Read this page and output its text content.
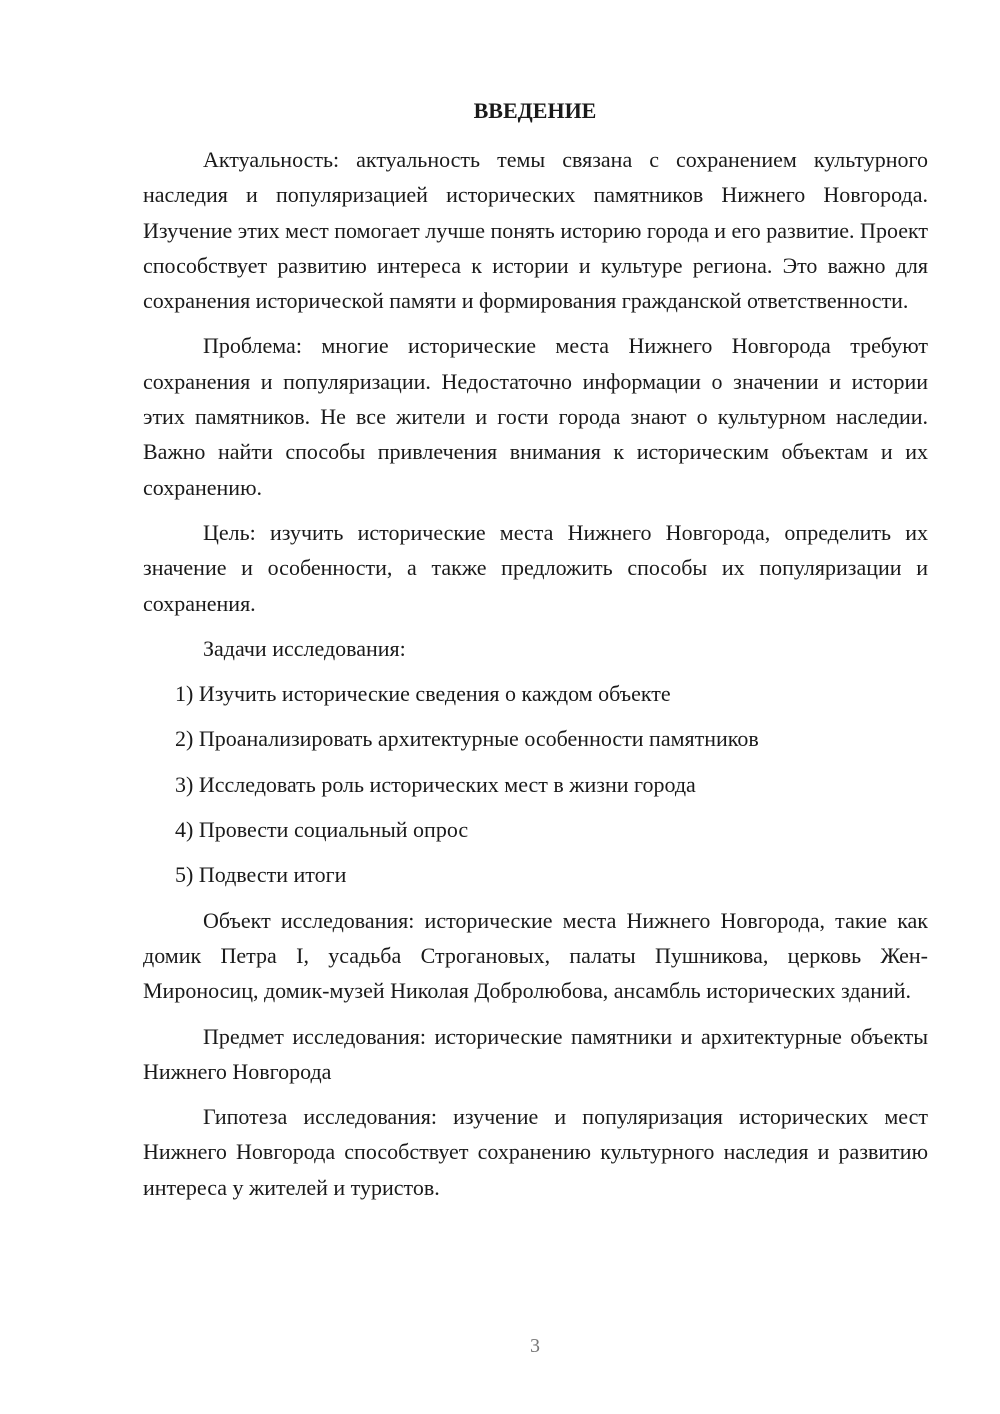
ВВЕДЕНИЕ

Актуальность: актуальность темы связана с сохранением культурного наследия и популяризацией исторических памятников Нижнего Новгорода. Изучение этих мест помогает лучше понять историю города и его развитие. Проект способствует развитию интереса к истории и культуре региона. Это важно для сохранения исторической памяти и формирования гражданской ответственности.

Проблема: многие исторические места Нижнего Новгорода требуют сохранения и популяризации. Недостаточно информации о значении и истории этих памятников. Не все жители и гости города знают о культурном наследии. Важно найти способы привлечения внимания к историческим объектам и их сохранению.

Цель: изучить исторические места Нижнего Новгорода, определить их значение и особенности, а также предложить способы их популяризации и сохранения.

Задачи исследования:

1) Изучить исторические сведения о каждом объекте
2) Проанализировать архитектурные особенности памятников
3) Исследовать роль исторических мест в жизни города
4) Провести социальный опрос
5) Подвести итоги

Объект исследования: исторические места Нижнего Новгорода, такие как домик Петра I, усадьба Строгановых, палаты Пушникова, церковь Жен-Мироносиц, домик-музей Николая Добролюбова, ансамбль исторических зданий.

Предмет исследования: исторические памятники и архитектурные объекты Нижнего Новгорода

Гипотеза исследования: изучение и популяризация исторических мест Нижнего Новгорода способствует сохранению культурного наследия и развитию интереса у жителей и туристов.

3
